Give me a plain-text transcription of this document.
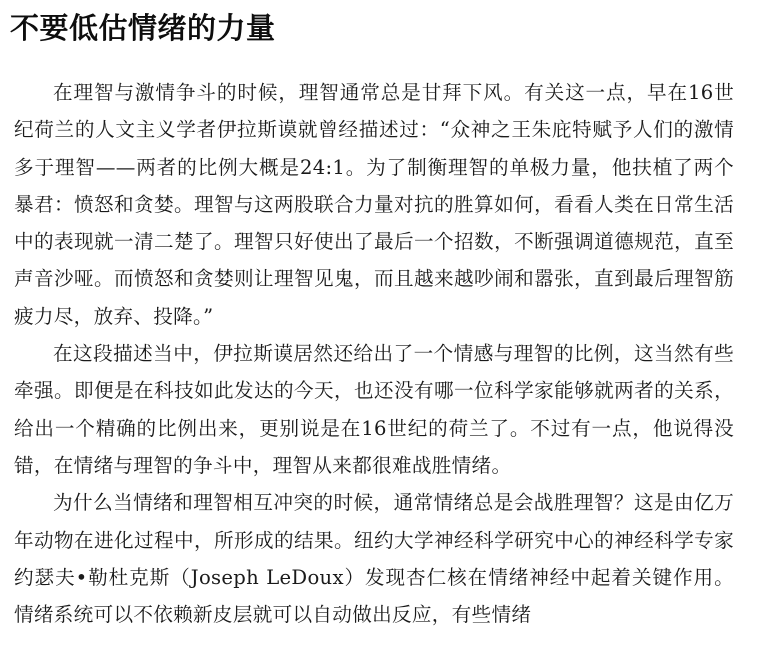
不要低估情绪的力量

在理智与激情争斗的时候，理智通常总是甘拜下风。有关这一点，早在16世纪荷兰的人文主义学者伊拉斯谟就曾经描述过：“众神之王朱庇特赋予人们的激情多于理智——两者的比例大概是24:1。为了制衡理智的单极力量，他扶植了两个暴君：愤怒和贪婪。理智与这两股联合力量对抗的胜算如何，看看人类在日常生活中的表现就一清二楚了。理智只好使出了最后一个招数，不断强调道德规范，直至声音沙哑。而愤怒和贪婪则让理智见鬼，而且越来越吵闹和嚣张，直到最后理智筋疲力尽，放弃、投降。”

在这段描述当中，伊拉斯谟居然还给出了一个情感与理智的比例，这当然有些牵强。即便是在科技如此发达的今天，也还没有哪一位科学家能够就两者的关系，给出一个精确的比例出来，更别说是在16世纪的荷兰了。不过有一点，他说得没错，在情绪与理智的争斗中，理智从来都很难战胜情绪。

为什么当情绪和理智相互冲突的时候，通常情绪总是会战胜理智？这是由亿万年动物在进化过程中，所形成的结果。纽约大学神经科学研究中心的神经科学专家约瑟夫•勒杜克斯（Joseph LeDoux）发现杏仁核在情绪神经中起着关键作用。情绪系统可以不依赖新皮层就可以自动做出反应，有些情绪
